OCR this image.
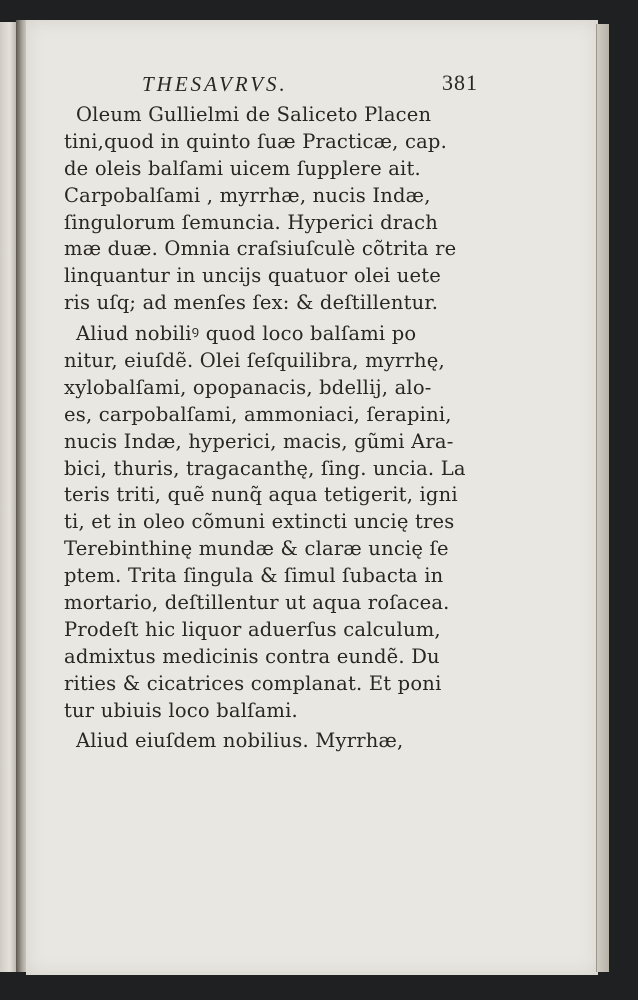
THESAVRVS.	381
Oleum Gullielmi de Saliceto Placen
tini,quod in quinto ſuæ Practicæ, cap.
de oleis balſami uicem ſupplere ait.
Carpobalſami , myrrhæ, nucis Indæ,
ſingulorum ſemuncia. Hyperici drach
mæ duæ. Omnia craſsiuſculè cõtrita re
linquantur in uncijs quatuor olei uete
ris uſq; ad menſes ſex: & deſtillentur.
Aliud nobiliꝰ quod loco balſami po
nitur, eiuſdẽ. Olei ſeſquilibra, myrrhę,
xylobalſami, opopanacis, bdellij, alo-
es, carpobalſami, ammoniaci, ſerapini,
nucis Indæ, hyperici, macis, gũmi Ara-
bici, thuris, tragacanthę, ſing. uncia. La
teris triti, quẽ nunq̃ aqua tetigerit, igni
ti, et in oleo cõmuni extincti uncię tres
Terebinthinę mundæ & claræ uncię ſe
ptem. Trita ſingula & ſimul ſubacta in
mortario, deſtillentur ut aqua roſacea.
Prodeſt hic liquor aduerſus calculum,
admixtus medicinis contra eundẽ. Du
rities & cicatrices complanat. Et poni
tur ubiuis loco balſami.
Aliud eiuſdem nobilius. Myrrhæ,
